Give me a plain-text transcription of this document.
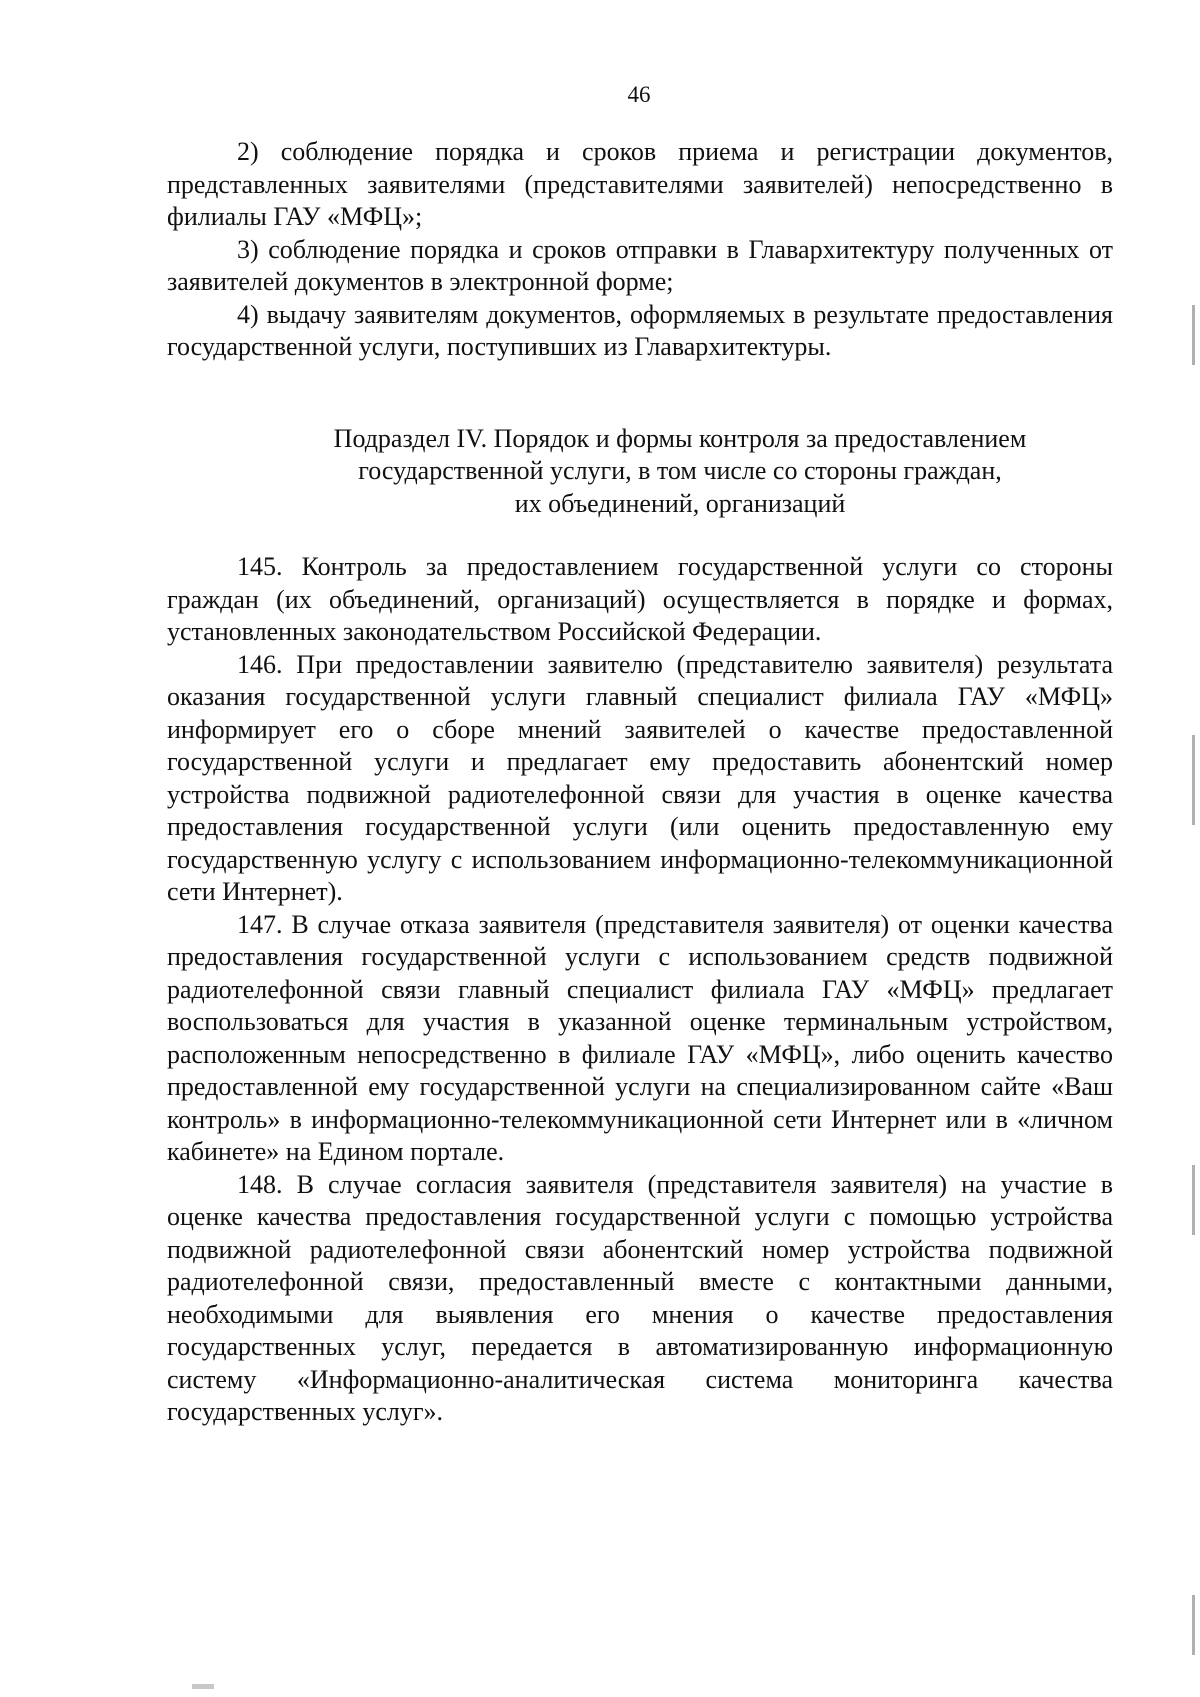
46

2) соблюдение порядка и сроков приема и регистрации документов, представленных заявителями (представителями заявителей) непосредственно в филиалы ГАУ «МФЦ»;

3) соблюдение порядка и сроков отправки в Главархитектуру полученных от заявителей документов в электронной форме;

4) выдачу заявителям документов, оформляемых в результате предоставления государственной услуги, поступивших из Главархитектуры.

Подраздел IV. Порядок и формы контроля за предоставлением
государственной услуги, в том числе со стороны граждан,
их объединений, организаций

145. Контроль за предоставлением государственной услуги со стороны граждан (их объединений, организаций) осуществляется в порядке и формах, установленных законодательством Российской Федерации.

146. При предоставлении заявителю (представителю заявителя) результата оказания государственной услуги главный специалист филиала ГАУ «МФЦ» информирует его о сборе мнений заявителей о качестве предоставленной государственной услуги и предлагает ему предоставить абонентский номер устройства подвижной радиотелефонной связи для участия в оценке качества предоставления государственной услуги (или оценить предоставленную ему государственную услугу с использованием информационно-телекоммуникационной сети Интернет).

147. В случае отказа заявителя (представителя заявителя) от оценки качества предоставления государственной услуги с использованием средств подвижной радиотелефонной связи главный специалист филиала ГАУ «МФЦ» предлагает воспользоваться для участия в указанной оценке терминальным устройством, расположенным непосредственно в филиале ГАУ «МФЦ», либо оценить качество предоставленной ему государственной услуги на специализированном сайте «Ваш контроль» в информационно-телекоммуникационной сети Интернет или в «личном кабинете» на Едином портале.

148. В случае согласия заявителя (представителя заявителя) на участие в оценке качества предоставления государственной услуги с помощью устройства подвижной радиотелефонной связи абонентский номер устройства подвижной радиотелефонной связи, предоставленный вместе с контактными данными, необходимыми для выявления его мнения о качестве предоставления государственных услуг, передается в автоматизированную информационную систему «Информационно-аналитическая система мониторинга качества государственных услуг».
